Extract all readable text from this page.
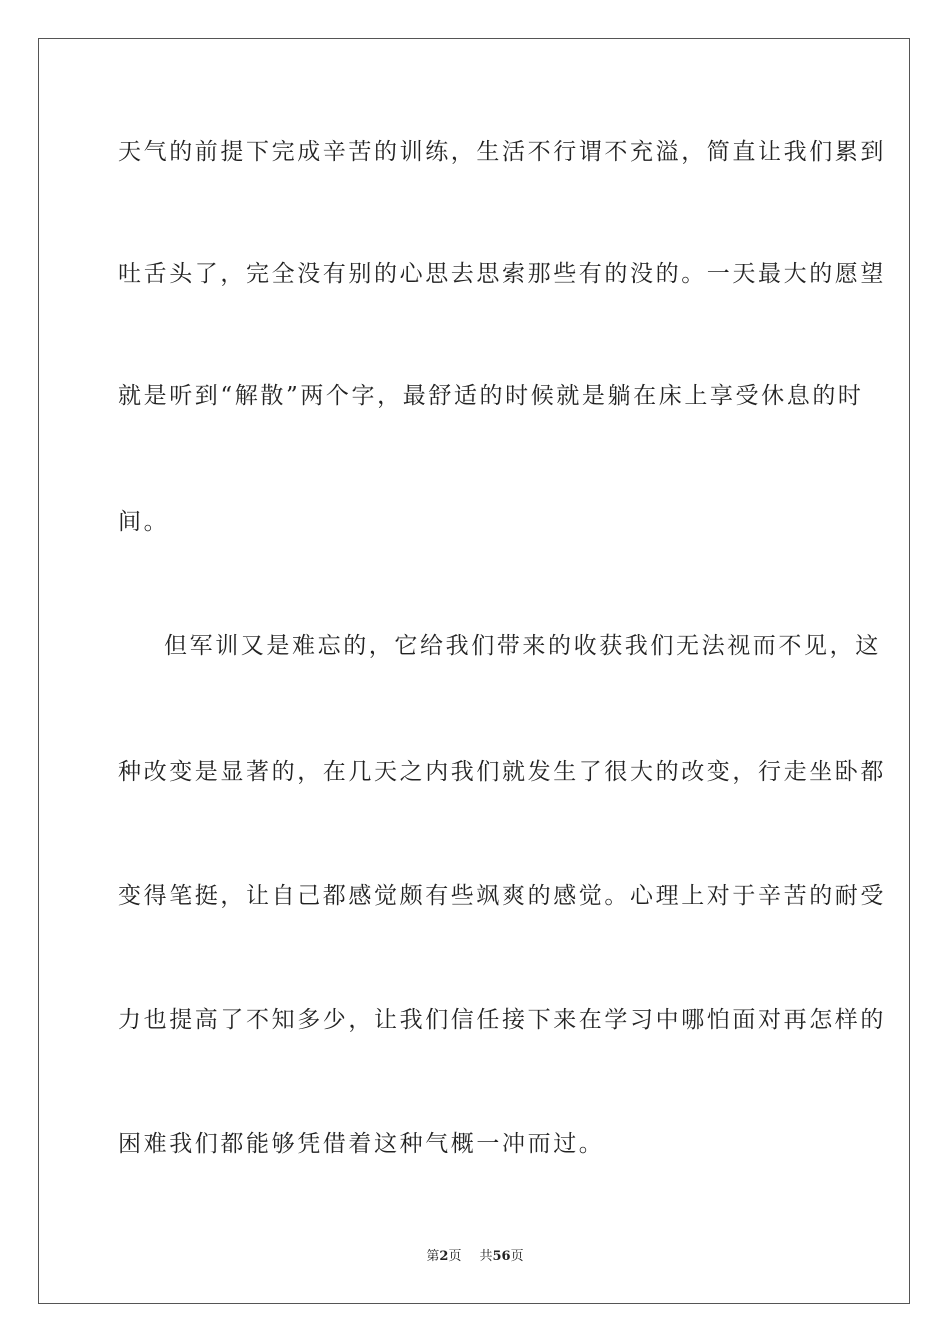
天气的前提下完成辛苦的训练，生活不行谓不充溢，简直让我们累到
吐舌头了，完全没有别的心思去思索那些有的没的。一天最大的愿望
就是听到“解散”两个字，最舒适的时候就是躺在床上享受休息的时
间。
但军训又是难忘的，它给我们带来的收获我们无法视而不见，这
种改变是显著的，在几天之内我们就发生了很大的改变，行走坐卧都
变得笔挺，让自己都感觉颇有些飒爽的感觉。心理上对于辛苦的耐受
力也提高了不知多少，让我们信任接下来在学习中哪怕面对再怎样的
困难我们都能够凭借着这种气概一冲而过。
第2页 共56页
